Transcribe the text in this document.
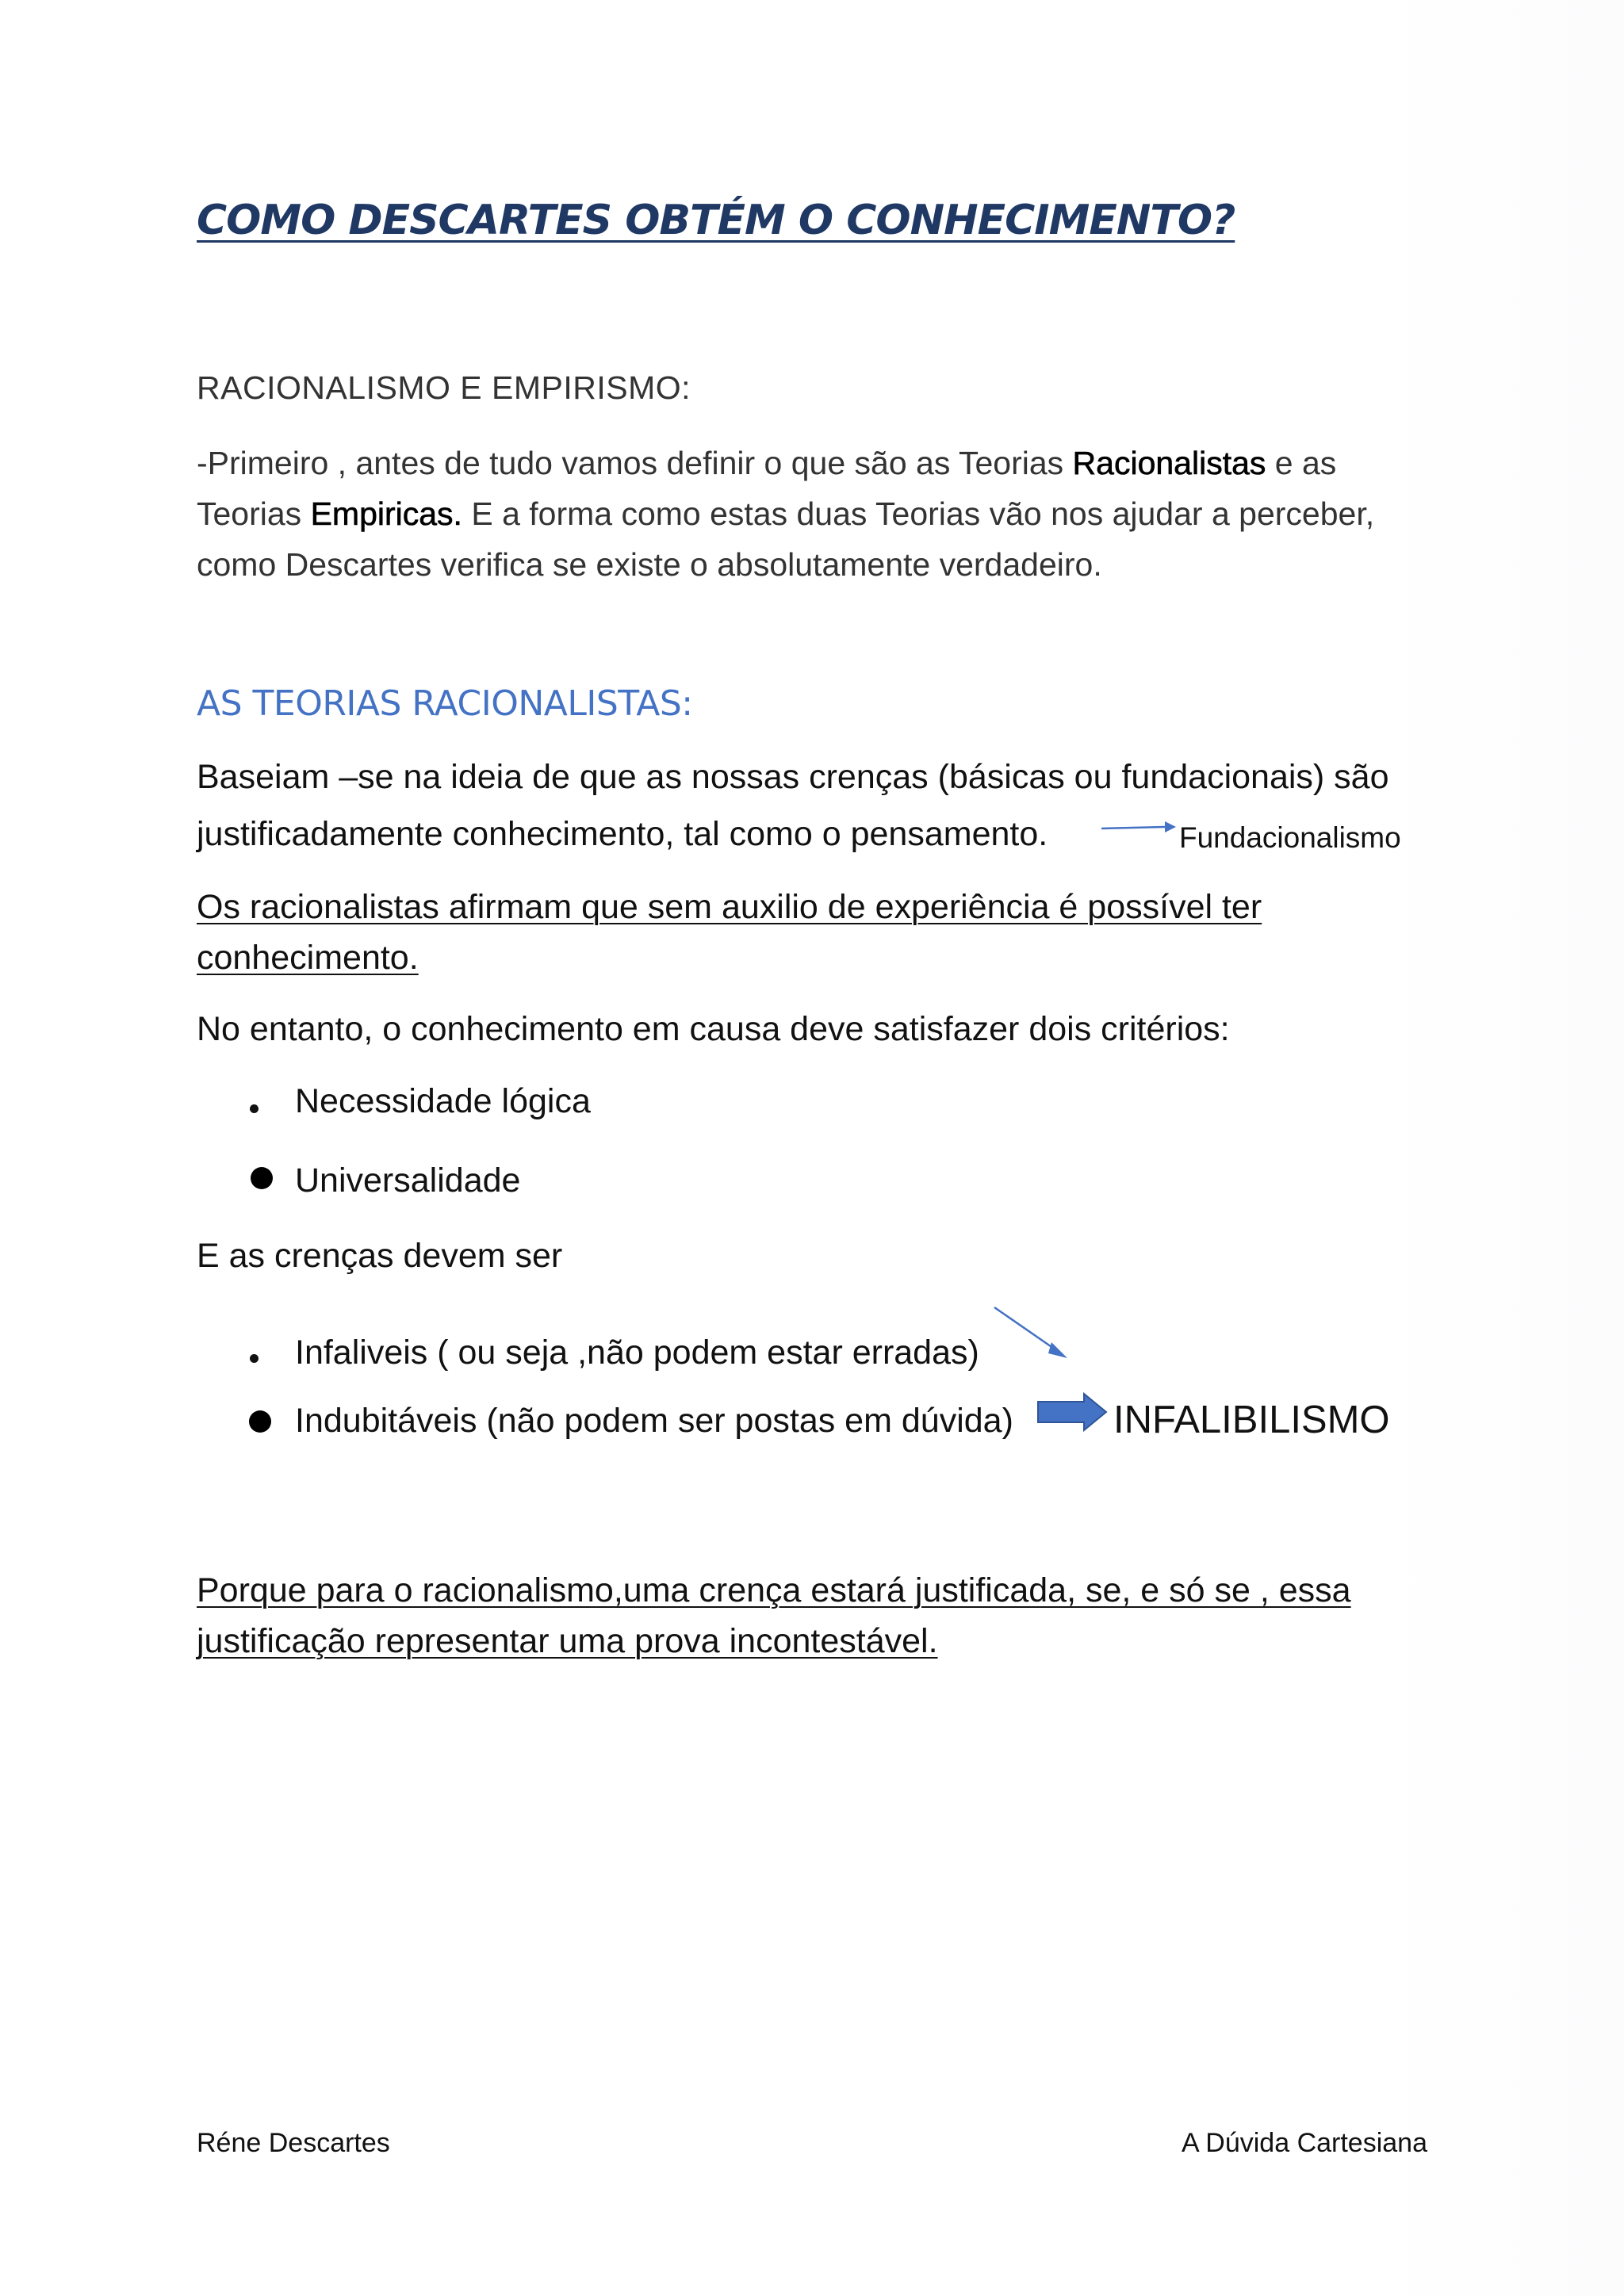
COMO DESCARTES OBTÉM O CONHECIMENTO?
RACIONALISMO E EMPIRISMO:
-Primeiro , antes de tudo vamos definir o que são as Teorias Racionalistas e as
Teorias Empiricas. E a forma como estas duas Teorias vão nos ajudar a perceber,
como Descartes verifica se existe o absolutamente verdadeiro.
AS TEORIAS RACIONALISTAS:
Baseiam –se na ideia de que as nossas crenças (básicas ou fundacionais) são
justificadamente conhecimento, tal como o pensamento.	Fundacionalismo
Os racionalistas afirmam que sem auxilio de experiência é possível ter
conhecimento.
No entanto, o conhecimento em causa deve satisfazer dois critérios:
Necessidade lógica
Universalidade
E as crenças devem ser
Infaliveis ( ou seja ,não podem estar erradas)
Indubitáveis (não podem ser postas em dúvida)	INFALIBILISMO
Porque para o racionalismo,uma crença estará justificada, se, e só se , essa
justificação representar uma prova incontestável.
Réne Descartes	A Dúvida Cartesiana
